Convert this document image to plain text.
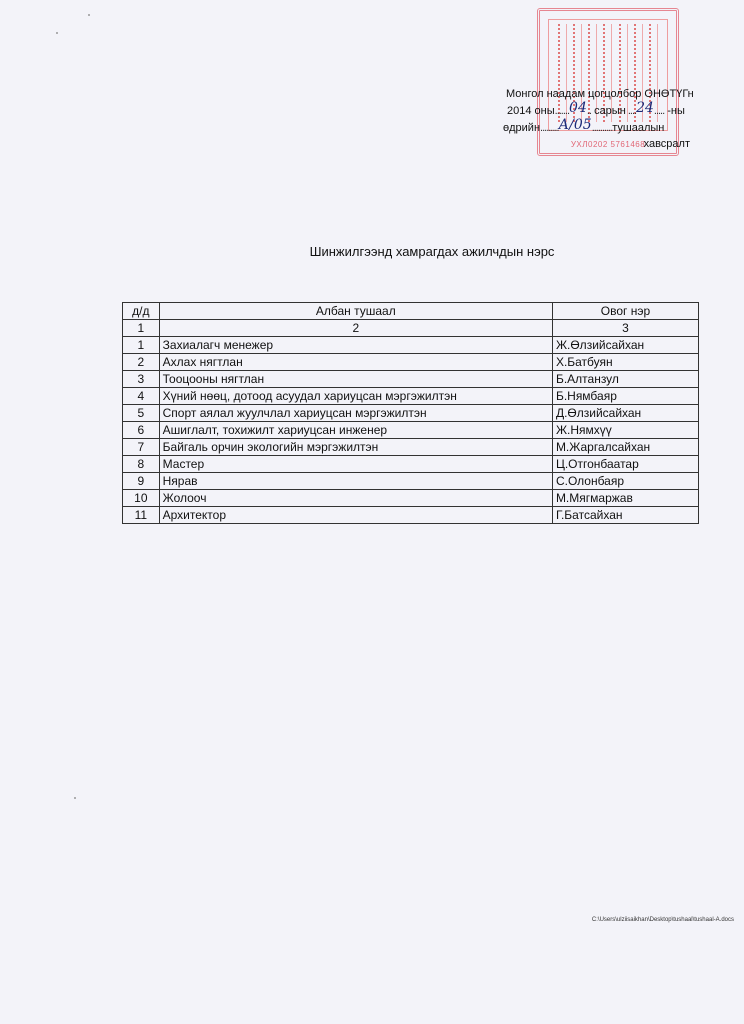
УХЛ0202 5761468
Монгол наадам цогцолбор ОНӨТҮГн
2014 оны.......04.. сарын ....24..... -ны
өдрийн.........А/05..........тушаалын
хавсралт
Шинжилгээнд хамрагдах ажилчдын нэрс
д/д	Албан тушаал	Овог нэр
1	2	3
1	Захиалагч менежер	Ж.Өлзийсайхан
2	Ахлах нягтлан	Х.Батбуян
3	Тооцооны нягтлан	Б.Алтанзул
4	Хүний нөөц, дотоод асуудал хариуцсан мэргэжилтэн	Б.Нямбаяр
5	Спорт аялал жуулчлал хариуцсан мэргэжилтэн	Д.Өлзийсайхан
6	Ашиглалт, тохижилт хариуцсан инженер	Ж.Нямхүү
7	Байгаль орчин экологийн мэргэжилтэн	М.Жаргалсайхан
8	Мастер	Ц.Отгонбаатар
9	Нярав	С.Олонбаяр
10	Жолооч	М.Мягмаржав
11	Архитектор	Г.Батсайхан
C:\Users\ulziisaikhan\Desktop\tushaal\tushaal-A.docs
